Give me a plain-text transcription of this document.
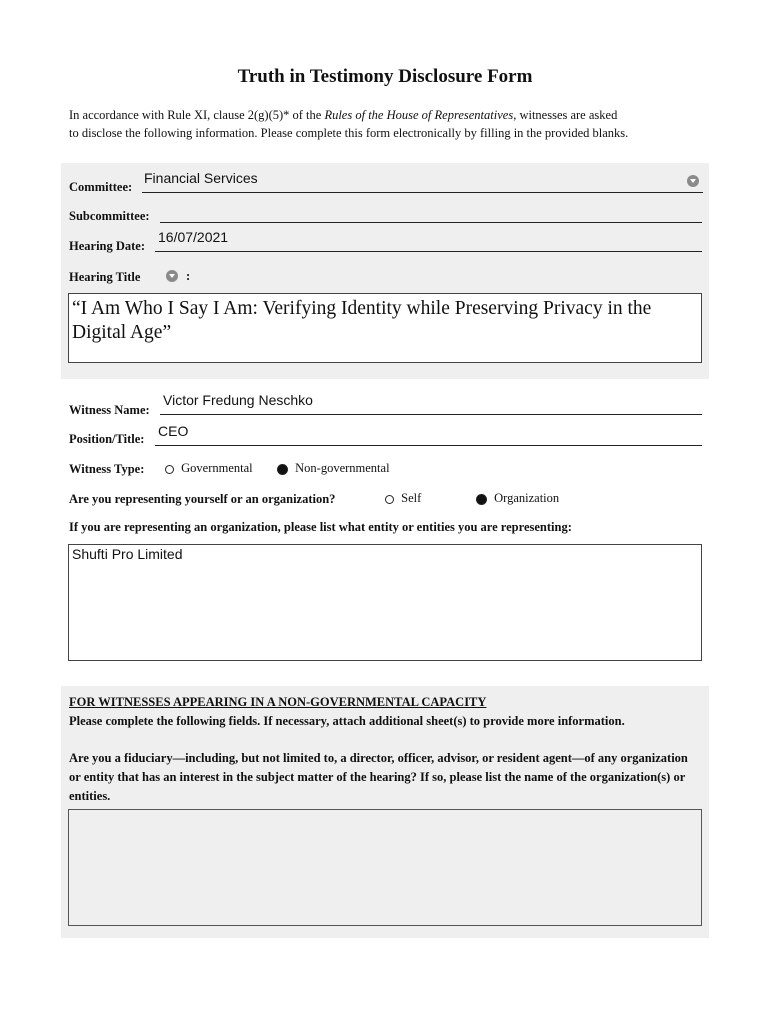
Truth in Testimony Disclosure Form
In accordance with Rule XI, clause 2(g)(5)* of the Rules of the House of Representatives, witnesses are asked
to disclose the following information. Please complete this form electronically by filling in the provided blanks.
Committee:
Financial Services
Subcommittee:
Hearing Date:
16/07/2021
Hearing Title	:
“I Am Who I Say I Am: Verifying Identity while Preserving Privacy in the Digital Age”
Witness Name:
Victor Fredung Neschko
Position/Title: CEO
Witness Type:	Governmental	Non-governmental
Are you representing yourself or an organization?	Self	Organization
If you are representing an organization, please list what entity or entities you are representing:
Shufti Pro Limited
FOR WITNESSES APPEARING IN A NON-GOVERNMENTAL CAPACITY
Please complete the following fields. If necessary, attach additional sheet(s) to provide more information.
Are you a fiduciary—including, but not limited to, a director, officer, advisor, or resident agent—of any organization or entity that has an interest in the subject matter of the hearing? If so, please list the name of the organization(s) or entities.
